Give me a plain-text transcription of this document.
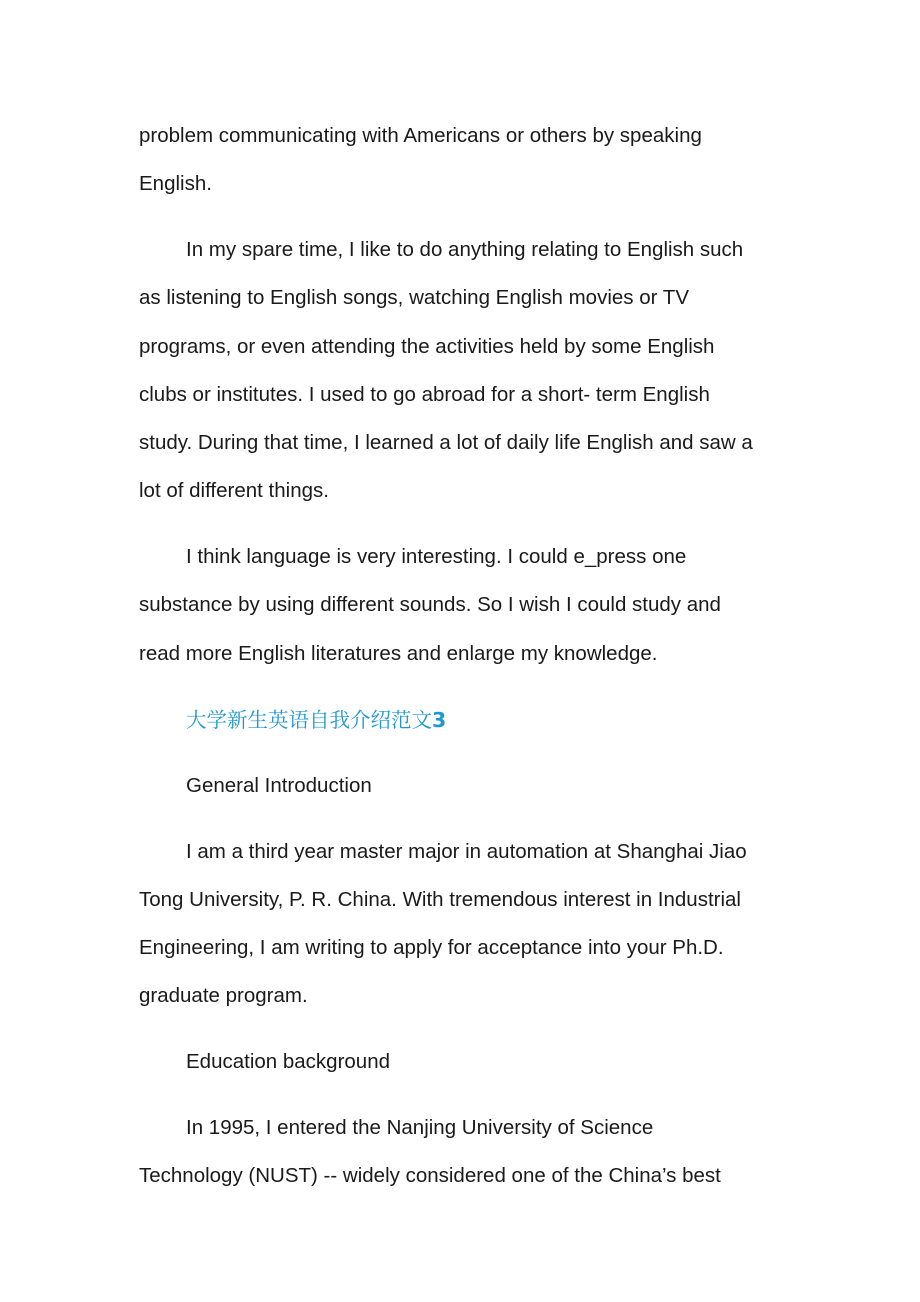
problem communicating with Americans or others by speaking
English.
In my spare time, I like to do anything relating to English such
as listening to English songs, watching English movies or TV
programs, or even attending the activities held by some English
clubs or institutes. I used to go abroad for a short- term English
study. During that time, I learned a lot of daily life English and saw a
lot of different things.
I think language is very interesting. I could e_press one
substance by using different sounds. So I wish I could study and
read more English literatures and enlarge my knowledge.
大学新生英语自我介绍范文3
General Introduction
I am a third year master major in automation at Shanghai Jiao
Tong University, P. R. China. With tremendous interest in Industrial
Engineering, I am writing to apply for acceptance into your Ph.D.
graduate program.
Education background
In 1995, I entered the Nanjing University of Science
Technology (NUST) -- widely considered one of the China’s best
